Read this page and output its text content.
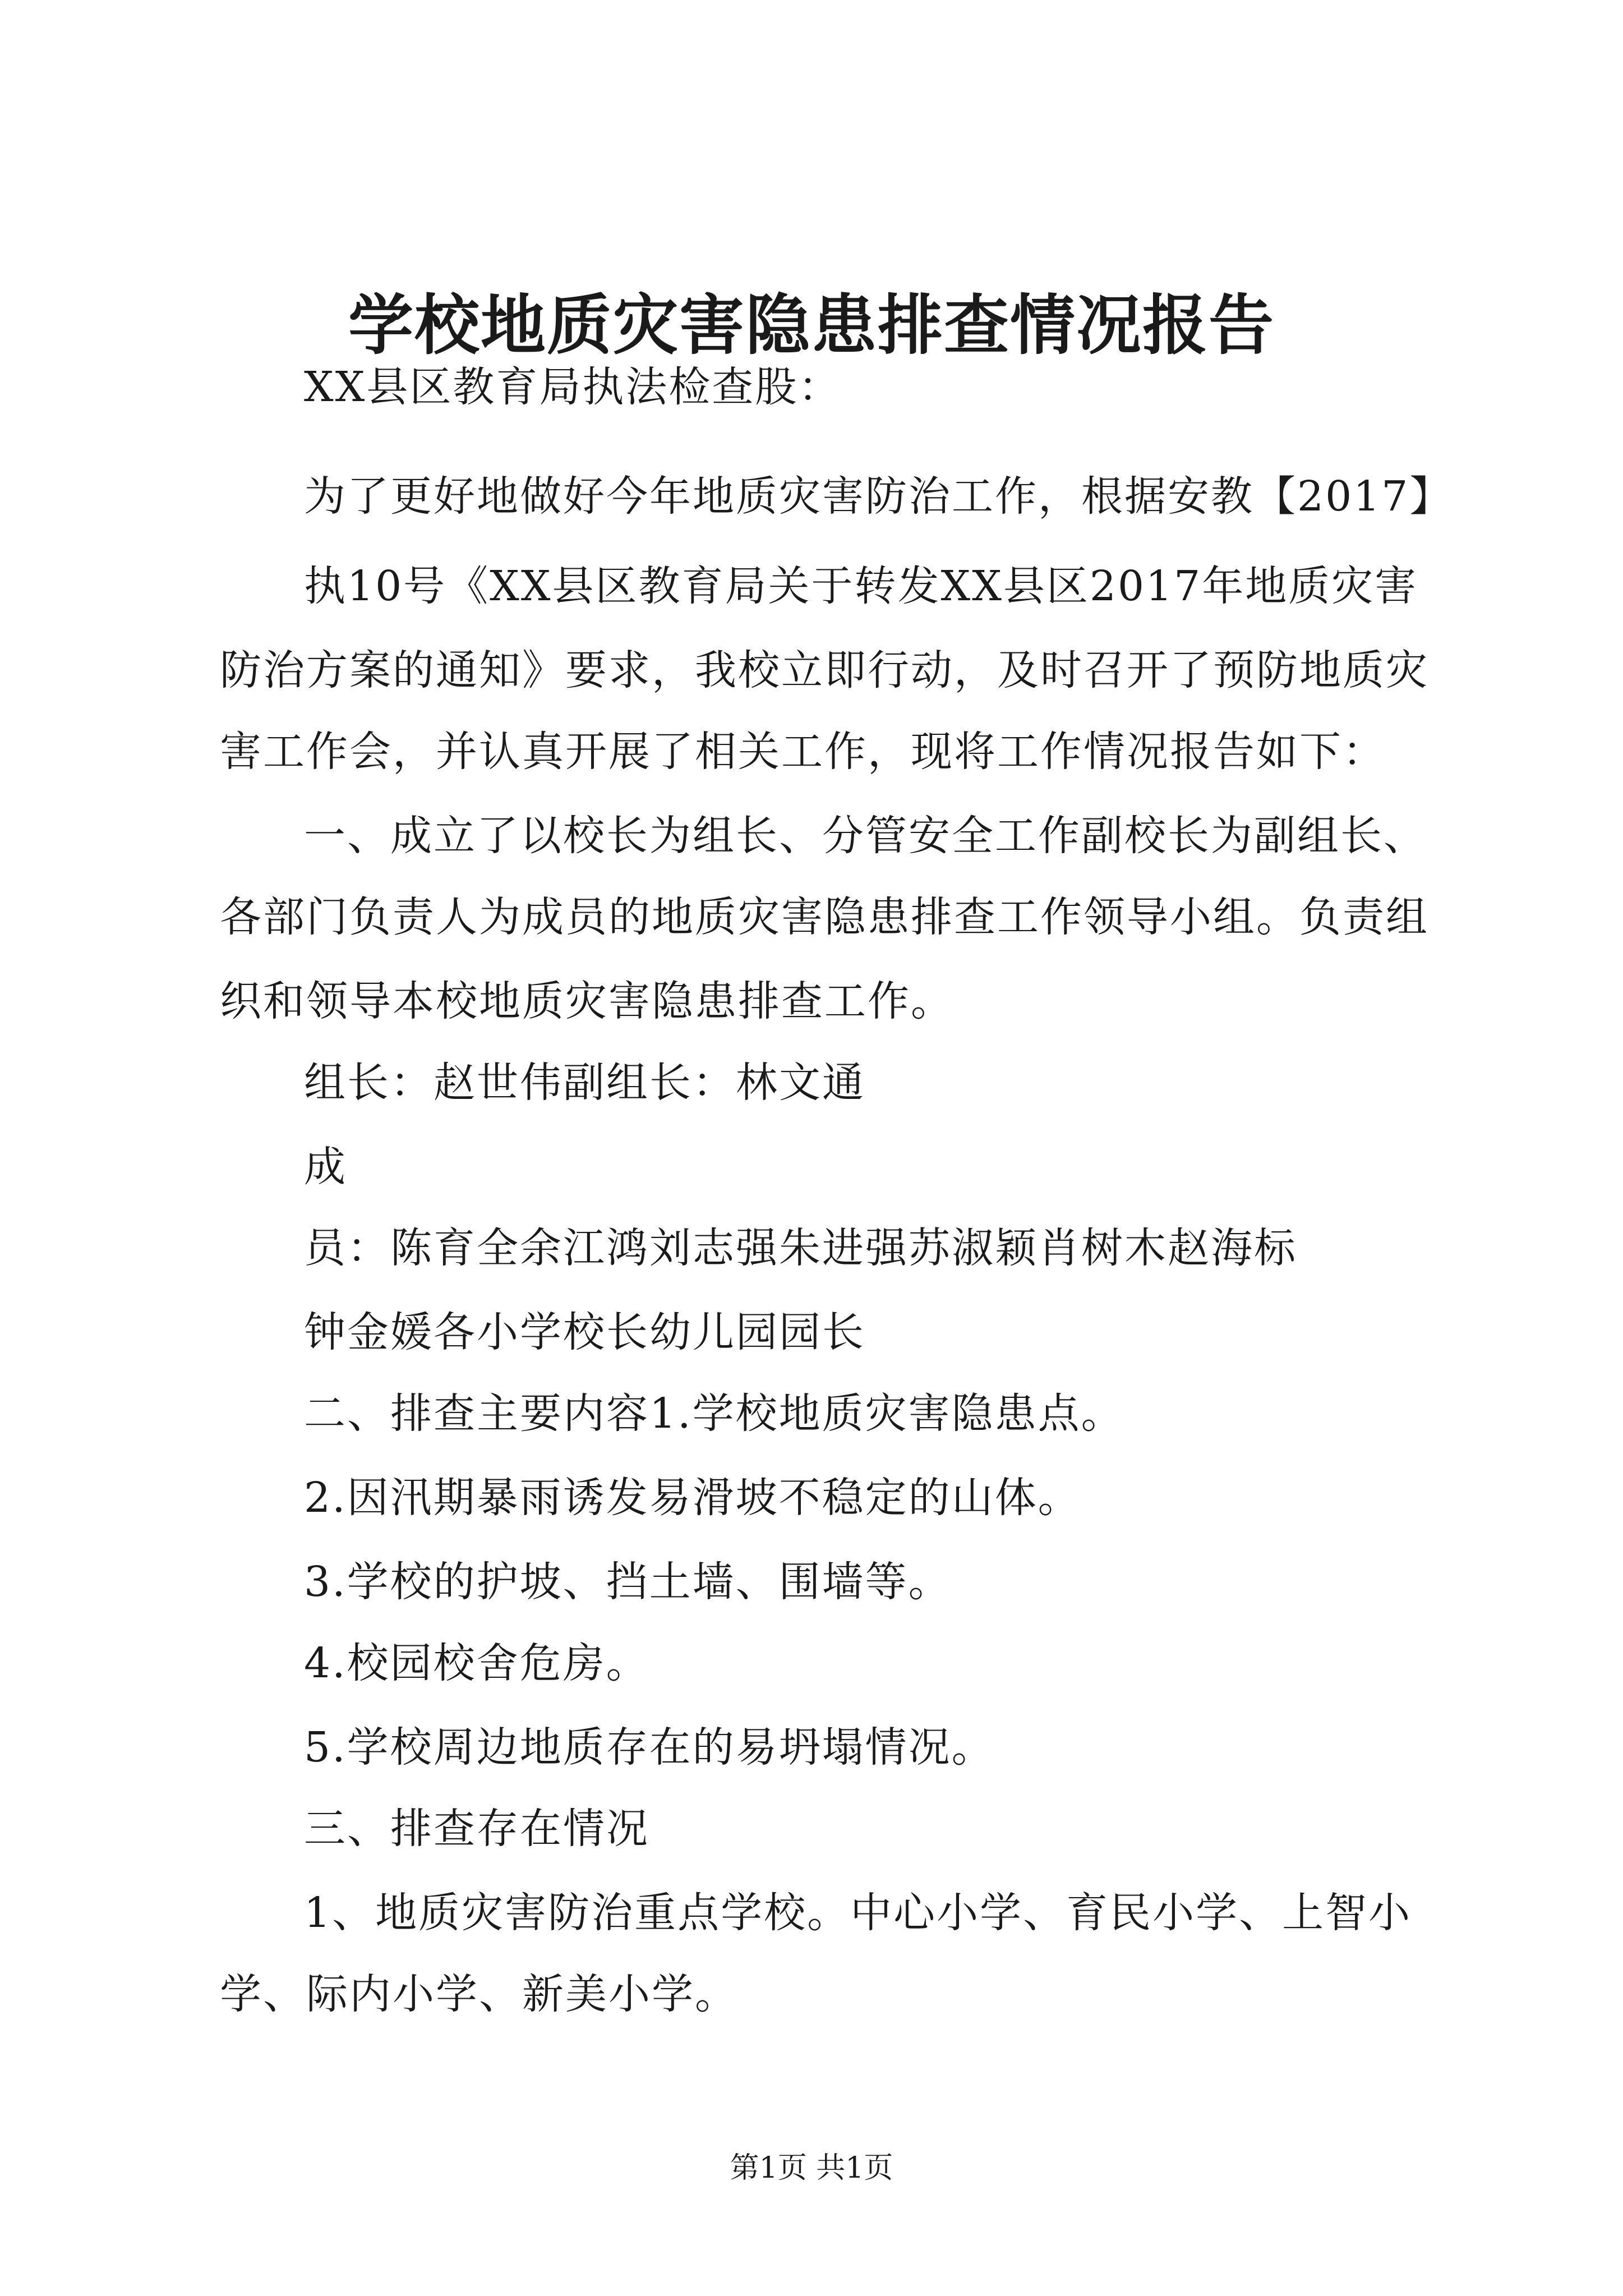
学校地质灾害隐患排查情况报告
XX县区教育局执法检查股：
为了更好地做好今年地质灾害防治工作，根据安教【2017】
执10号《XX县区教育局关于转发XX县区2017年地质灾害
防治方案的通知》要求，我校立即行动，及时召开了预防地质灾
害工作会，并认真开展了相关工作，现将工作情况报告如下：
一、成立了以校长为组长、分管安全工作副校长为副组长、
各部门负责人为成员的地质灾害隐患排查工作领导小组。负责组
织和领导本校地质灾害隐患排查工作。
组长：赵世伟副组长：林文通
成
员：陈育全余江鸿刘志强朱进强苏淑颖肖树木赵海标
钟金媛各小学校长幼儿园园长
二、排查主要内容1.学校地质灾害隐患点。
2.因汛期暴雨诱发易滑坡不稳定的山体。
3.学校的护坡、挡土墙、围墙等。
4.校园校舍危房。
5.学校周边地质存在的易坍塌情况。
三、排查存在情况
1、地质灾害防治重点学校。中心小学、育民小学、上智小
学、际内小学、新美小学。
第1页 共1页
